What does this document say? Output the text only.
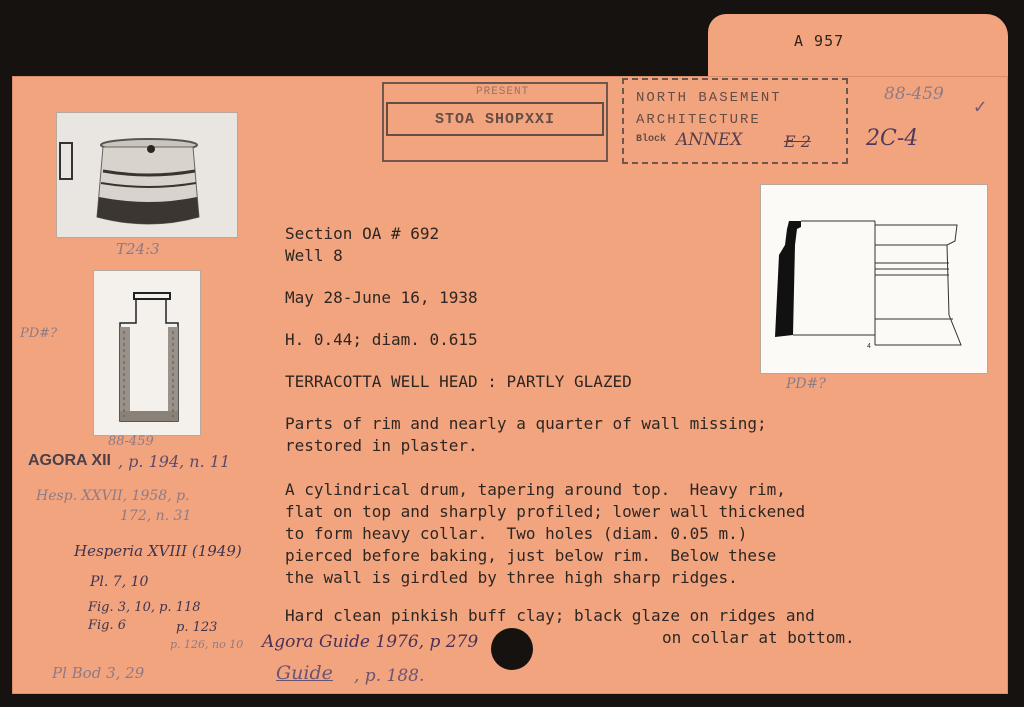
A 957
PRESENT
STOA SHOPXXI
NORTH BASEMENT
ARCHITECTURE
Block ANNEX	E 2
88-459 ✓
2C-4
T24:3
88-459
PD#?
4
PD#?
Section OA # 692
Well 8
May 28-June 16, 1938
H. 0.44; diam. 0.615
TERRACOTTA WELL HEAD : PARTLY GLAZED
Parts of rim and nearly a quarter of wall missing;
restored in plaster.
A cylindrical drum, tapering around top.  Heavy rim,
flat on top and sharply profiled; lower wall thickened
to form heavy collar.  Two holes (diam. 0.05 m.)
pierced before baking, just below rim.  Below these
the wall is girdled by three high sharp ridges.
Hard clean pinkish buff clay; black glaze on ridges and
on collar at bottom.
AGORA XII , p. 194, n. 11
Hesp. XXVII, 1958, p.
172, n. 31
Hesperia XVIII (1949)
Pl. 7, 10
Fig. 3, 10, p. 118
Fig. 6	p. 123
p. 126, no 10 Agora Guide 1976, p 279
Pl Bod 3, 29	Guide , p. 188.
